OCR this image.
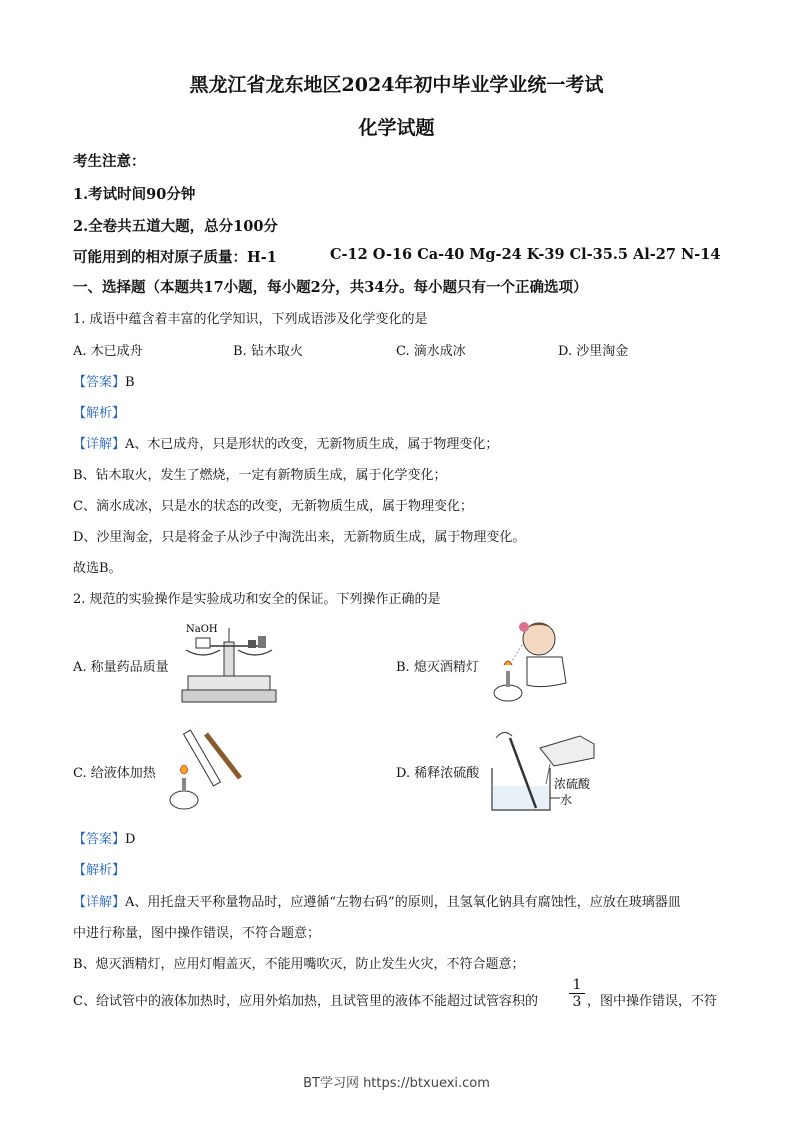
黑龙江省龙东地区2024年初中毕业学业统一考试
化学试题
考生注意：
1.考试时间90分钟
2.全卷共五道大题，总分100分
可能用到的相对原子质量：H-1	C-12 O-16 Ca-40 Mg-24 K-39 Cl-35.5 Al-27 N-14
一、选择题（本题共17小题，每小题2分，共34分。每小题只有一个正确选项）
1. 成语中蕴含着丰富的化学知识，下列成语涉及化学变化的是
A. 木已成舟	B. 钻木取火	C. 滴水成冰	D. 沙里淘金
【答案】B
【解析】
【详解】A、木已成舟，只是形状的改变，无新物质生成，属于物理变化；
B、钻木取火，发生了燃烧，一定有新物质生成，属于化学变化；
C、滴水成冰，只是水的状态的改变，无新物质生成，属于物理变化；
D、沙里淘金，只是将金子从沙子中淘洗出来，无新物质生成，属于物理变化。
故选B。
2. 规范的实验操作是实验成功和安全的保证。下列操作正确的是
A. 称量药品质量
NaOH
B. 熄灭酒精灯
C. 给液体加热	D. 稀释浓硫酸
浓硫酸
水
【答案】D
【解析】
【详解】A、用托盘天平称量物品时，应遵循“左物右码”的原则，且氢氧化钠具有腐蚀性，应放在玻璃器皿
中进行称量，图中操作错误，不符合题意；
B、熄灭酒精灯，应用灯帽盖灭，不能用嘴吹灭，防止发生火灾，不符合题意；
C、给试管中的液体加热时，应用外焰加热，且试管里的液体不能超过试管容积的 $\frac{1}{3}$ ，图中操作错误，不符
BT学习网 https://btxuexi.com
